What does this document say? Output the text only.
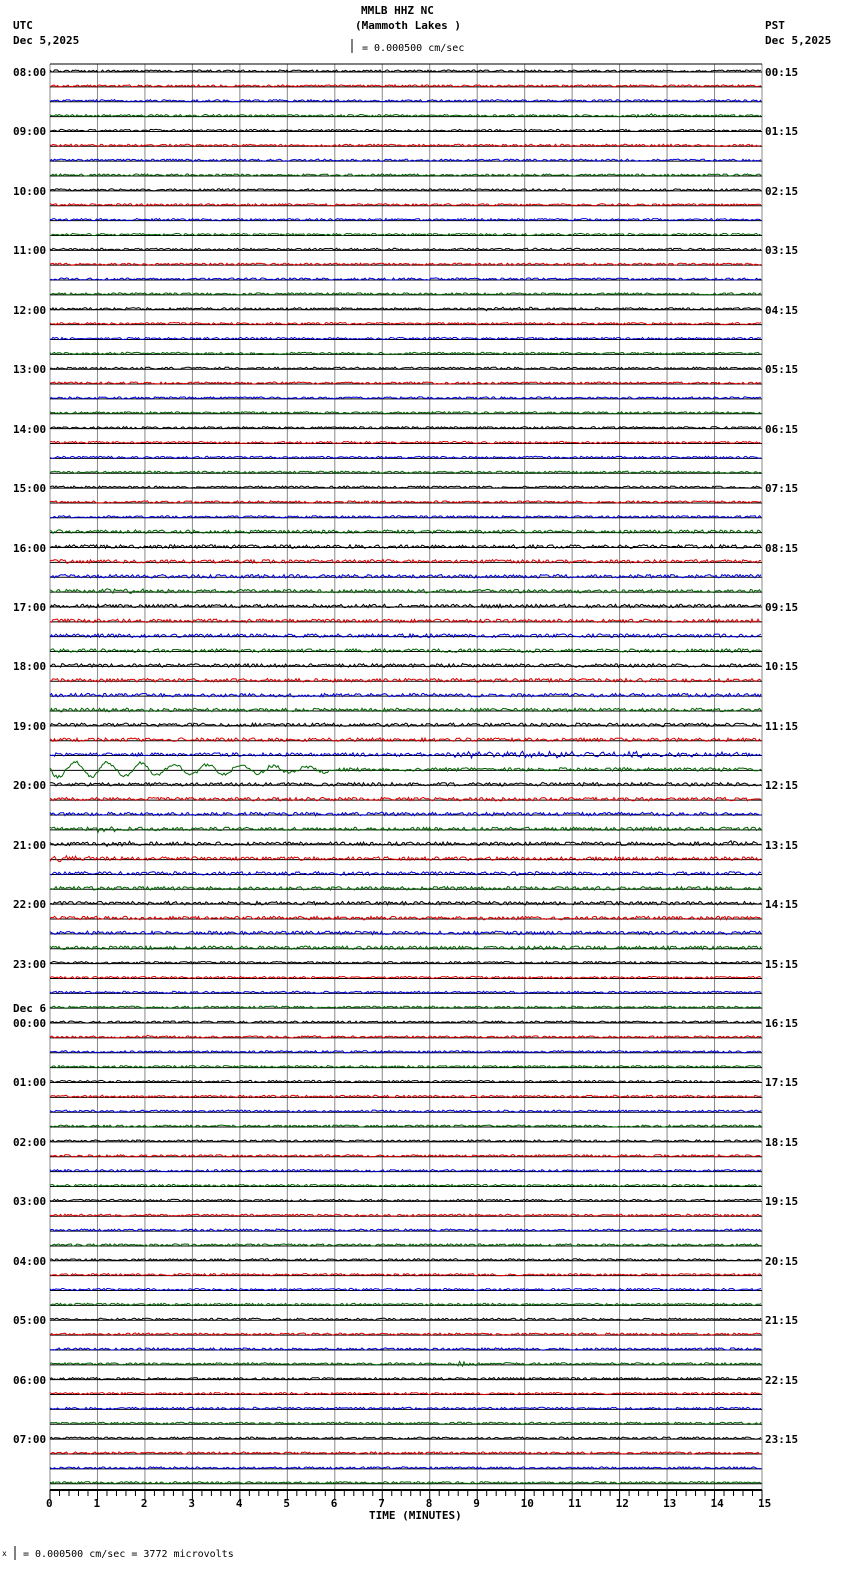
MMLB HHZ NC
(Mammoth Lakes )
UTC
Dec 5,2025
PST
Dec 5,2025
= 0.000500 cm/sec
TIME (MINUTES)
x = 0.000500 cm/sec = 3772 microvolts
0	1	2	3	4	5	6	7	8	9	10	11	12	13	14	15
08:00
09:00
10:00
11:00
12:00
13:00
14:00
15:00
16:00
17:00
18:00
19:00
20:00
21:00
22:00
23:00
00:00
01:00
02:00
03:00
04:00
05:00
06:00
07:00
00:15
01:15
02:15
03:15
04:15
05:15
06:15
07:15
08:15
09:15
10:15
11:15
12:15
13:15
14:15
15:15
16:15
17:15
18:15
19:15
20:15
21:15
22:15
23:15
Dec 6
